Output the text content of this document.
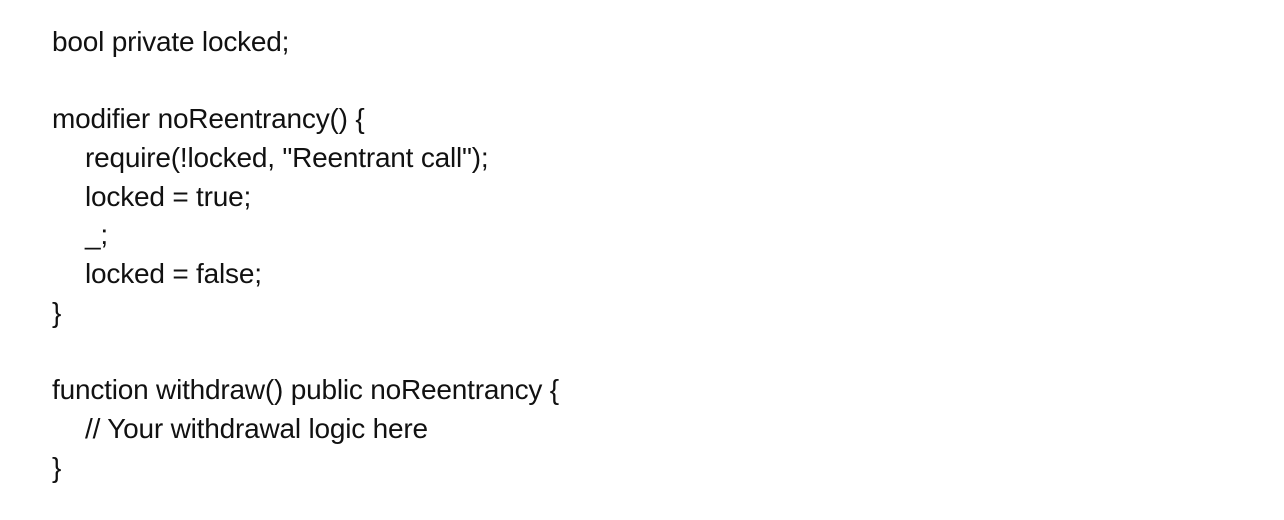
bool private locked;
modifier noReentrancy() {
require(!locked, "Reentrant call");
locked = true;
_;
locked = false;
}
function withdraw() public noReentrancy {
// Your withdrawal logic here
}
